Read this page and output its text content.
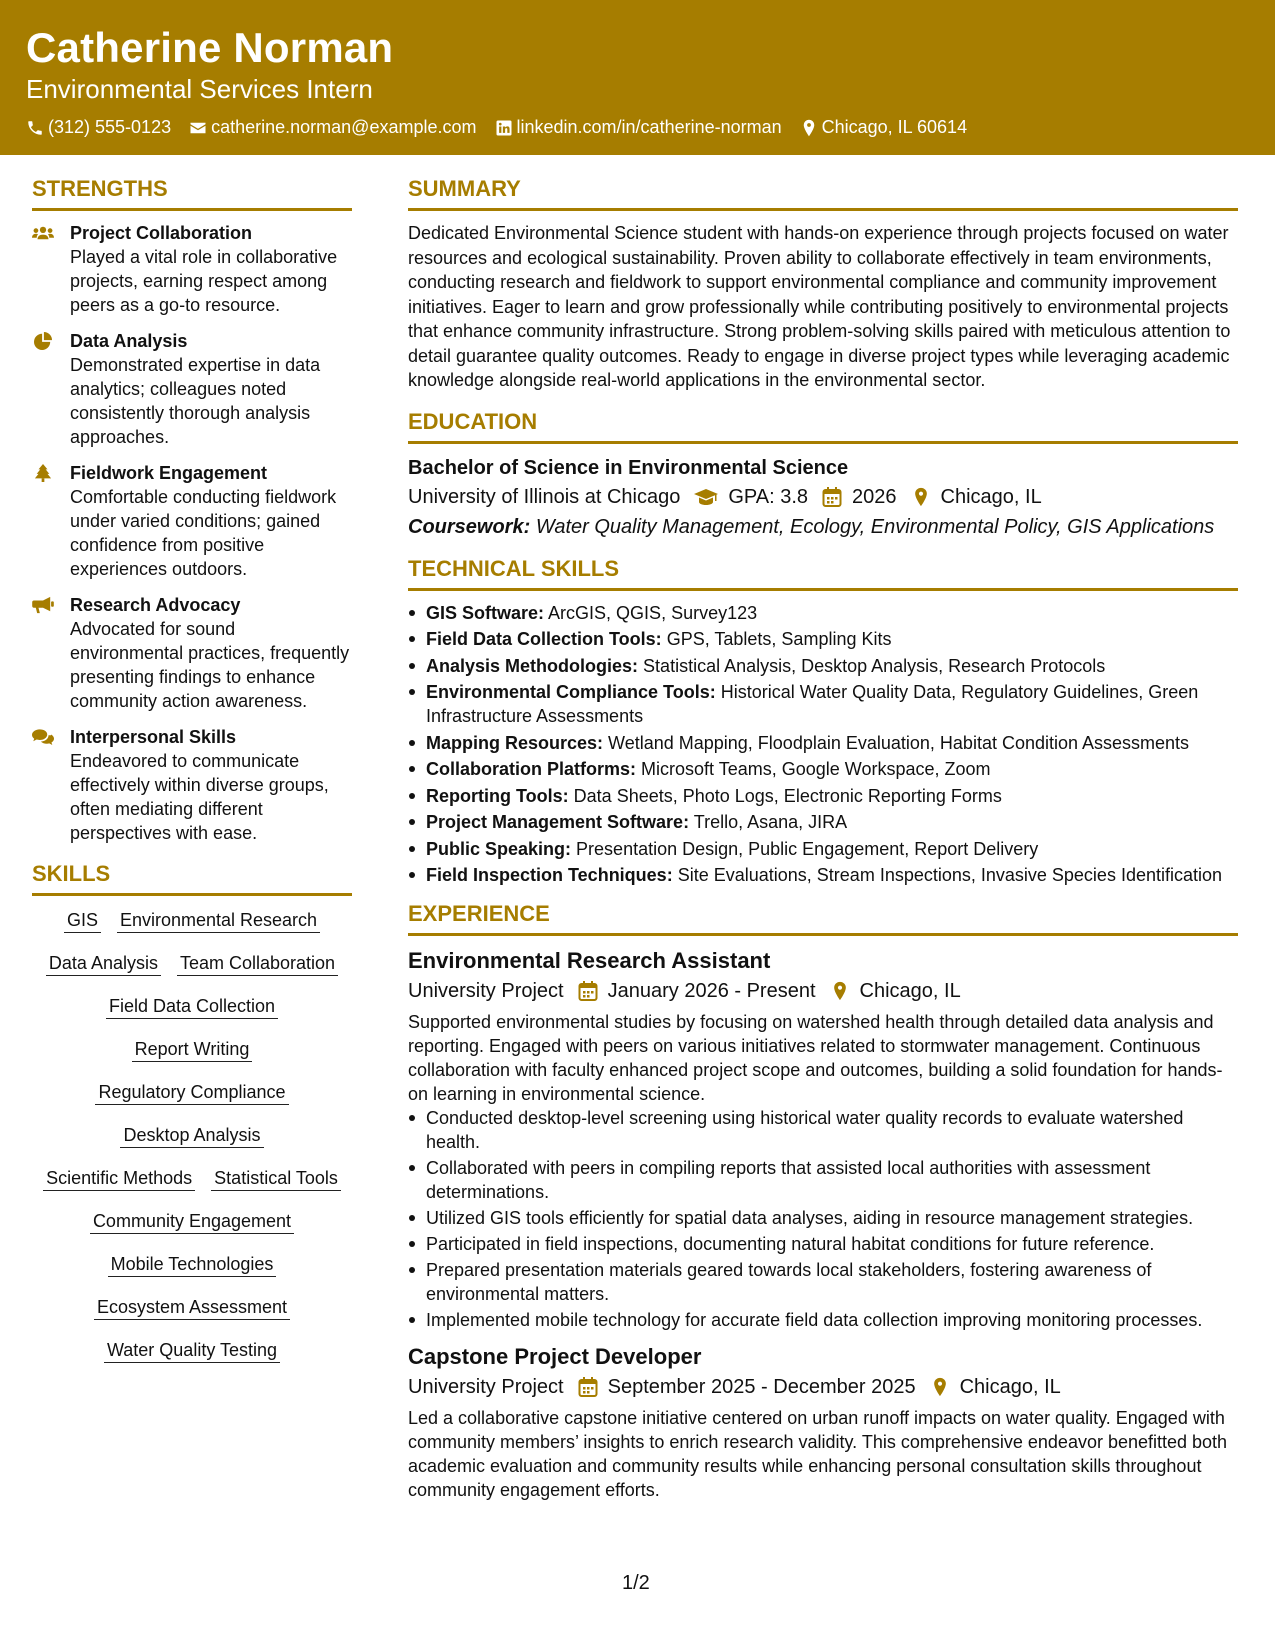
Catherine Norman
Environmental Services Intern
(312) 555-0123 catherine.norman@example.com linkedin.com/in/catherine-norman Chicago, IL 60614
STRENGTHS
Project Collaboration
Played a vital role in collaborative projects, earning respect among peers as a go-to resource.
Data Analysis
Demonstrated expertise in data analytics; colleagues noted consistently thorough analysis approaches.
Fieldwork Engagement
Comfortable conducting fieldwork under varied conditions; gained confidence from positive experiences outdoors.
Research Advocacy
Advocated for sound environmental practices, frequently presenting findings to enhance community action awareness.
Interpersonal Skills
Endeavored to communicate effectively within diverse groups, often mediating different perspectives with ease.
SKILLS
GIS Environmental Research
Data Analysis Team Collaboration
Field Data Collection
Report Writing
Regulatory Compliance
Desktop Analysis
Scientific Methods Statistical Tools
Community Engagement
Mobile Technologies
Ecosystem Assessment
Water Quality Testing
SUMMARY
Dedicated Environmental Science student with hands-on experience through projects focused on water resources and ecological sustainability. Proven ability to collaborate effectively in team environments, conducting research and fieldwork to support environmental compliance and community improvement initiatives. Eager to learn and grow professionally while contributing positively to environmental projects that enhance community infrastructure. Strong problem-solving skills paired with meticulous attention to detail guarantee quality outcomes. Ready to engage in diverse project types while leveraging academic knowledge alongside real-world applications in the environmental sector.
EDUCATION
Bachelor of Science in Environmental Science
University of Illinois at Chicago GPA: 3.8 2026 Chicago, IL
Coursework: Water Quality Management, Ecology, Environmental Policy, GIS Applications
TECHNICAL SKILLS
GIS Software: ArcGIS, QGIS, Survey123
Field Data Collection Tools: GPS, Tablets, Sampling Kits
Analysis Methodologies: Statistical Analysis, Desktop Analysis, Research Protocols
Environmental Compliance Tools: Historical Water Quality Data, Regulatory Guidelines, Green Infrastructure Assessments
Mapping Resources: Wetland Mapping, Floodplain Evaluation, Habitat Condition Assessments
Collaboration Platforms: Microsoft Teams, Google Workspace, Zoom
Reporting Tools: Data Sheets, Photo Logs, Electronic Reporting Forms
Project Management Software: Trello, Asana, JIRA
Public Speaking: Presentation Design, Public Engagement, Report Delivery
Field Inspection Techniques: Site Evaluations, Stream Inspections, Invasive Species Identification
EXPERIENCE
Environmental Research Assistant
University Project January 2026 - Present Chicago, IL
Supported environmental studies by focusing on watershed health through detailed data analysis and reporting. Engaged with peers on various initiatives related to stormwater management. Continuous collaboration with faculty enhanced project scope and outcomes, building a solid foundation for hands-on learning in environmental science.
Conducted desktop-level screening using historical water quality records to evaluate watershed health.
Collaborated with peers in compiling reports that assisted local authorities with assessment determinations.
Utilized GIS tools efficiently for spatial data analyses, aiding in resource management strategies.
Participated in field inspections, documenting natural habitat conditions for future reference.
Prepared presentation materials geared towards local stakeholders, fostering awareness of environmental matters.
Implemented mobile technology for accurate field data collection improving monitoring processes.
Capstone Project Developer
University Project September 2025 - December 2025 Chicago, IL
Led a collaborative capstone initiative centered on urban runoff impacts on water quality. Engaged with community members’ insights to enrich research validity. This comprehensive endeavor benefitted both academic evaluation and community results while enhancing personal consultation skills throughout community engagement efforts.
1/2
